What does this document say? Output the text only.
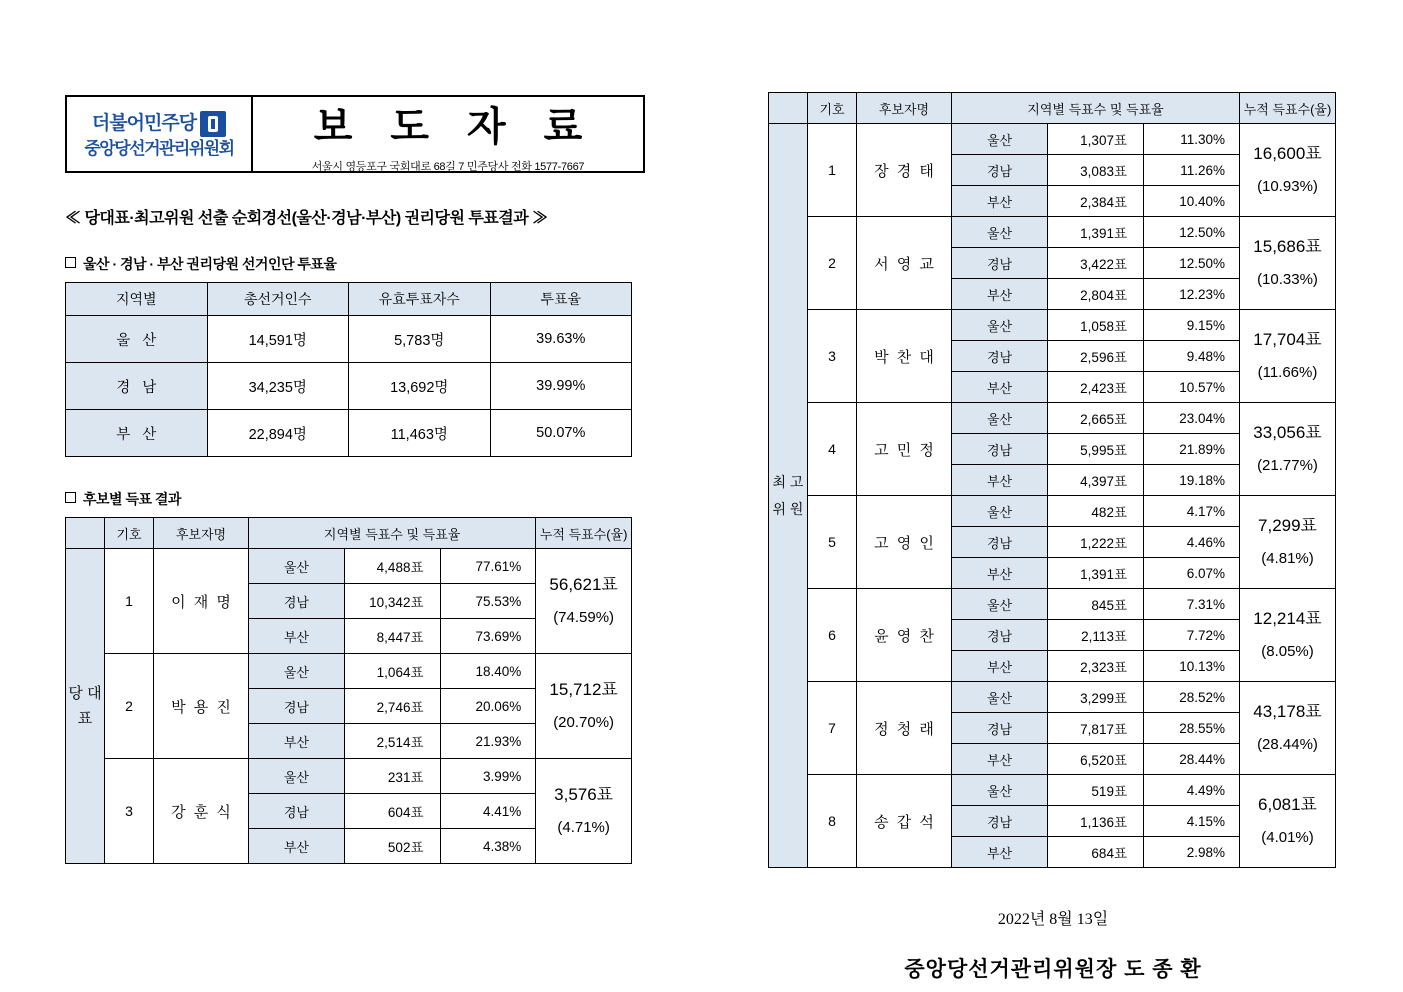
더불어민주당
중앙당선거관리위원회	보 도 자 료
서울시 영등포구 국회대로 68길 7 민주당사 전화 1577-7667
≪ 당대표·최고위원 선출 순회경선(울산·경남·부산) 권리당원 투표결과 ≫
울산 · 경남 · 부산 권리당원 선거인단 투표율
지역별	총선거인수	유효투표자수	투표율
울 산	14,591명	5,783명	39.63%
경 남	34,235명	13,692명	39.99%
부 산	22,894명	11,463명	50.07%
후보별 득표 결과
	기호	후보자명	지역별 득표수 및 득표율			누적 득표수(율)
당 대 표	1	이 재 명	울산	4,488표	77.61%	56,621표
(74.59%)
			경남	10,342표	75.53%	
			부산	8,447표	73.69%	
	2	박 용 진	울산	1,064표	18.40%	15,712표
(20.70%)
			경남	2,746표	20.06%	
			부산	2,514표	21.93%	
	3	강 훈 식	울산	231표	3.99%	3,576표
(4.71%)
			경남	604표	4.41%	
			부산	502표	4.38%	
	기호	후보자명	지역별 득표수 및 득표율			누적 득표수(율)
최 고 위 원	1	장 경 태	울산	1,307표	11.30%	16,600표
(10.93%)
			경남	3,083표	11.26%	
			부산	2,384표	10.40%	
	2	서 영 교	울산	1,391표	12.50%	15,686표
(10.33%)
			경남	3,422표	12.50%	
			부산	2,804표	12.23%	
	3	박 찬 대	울산	1,058표	9.15%	17,704표
(11.66%)
			경남	2,596표	9.48%	
			부산	2,423표	10.57%	
	4	고 민 정	울산	2,665표	23.04%	33,056표
(21.77%)
			경남	5,995표	21.89%	
			부산	4,397표	19.18%	
	5	고 영 인	울산	482표	4.17%	7,299표
(4.81%)
			경남	1,222표	4.46%	
			부산	1,391표	6.07%	
	6	윤 영 찬	울산	845표	7.31%	12,214표
(8.05%)
			경남	2,113표	7.72%	
			부산	2,323표	10.13%	
	7	정 청 래	울산	3,299표	28.52%	43,178표
(28.44%)
			경남	7,817표	28.55%	
			부산	6,520표	28.44%	
	8	송 갑 석	울산	519표	4.49%	6,081표
(4.01%)
			경남	1,136표	4.15%	
			부산	684표	2.98%	
2022년 8월 13일
중앙당선거관리위원장 도 종 환
